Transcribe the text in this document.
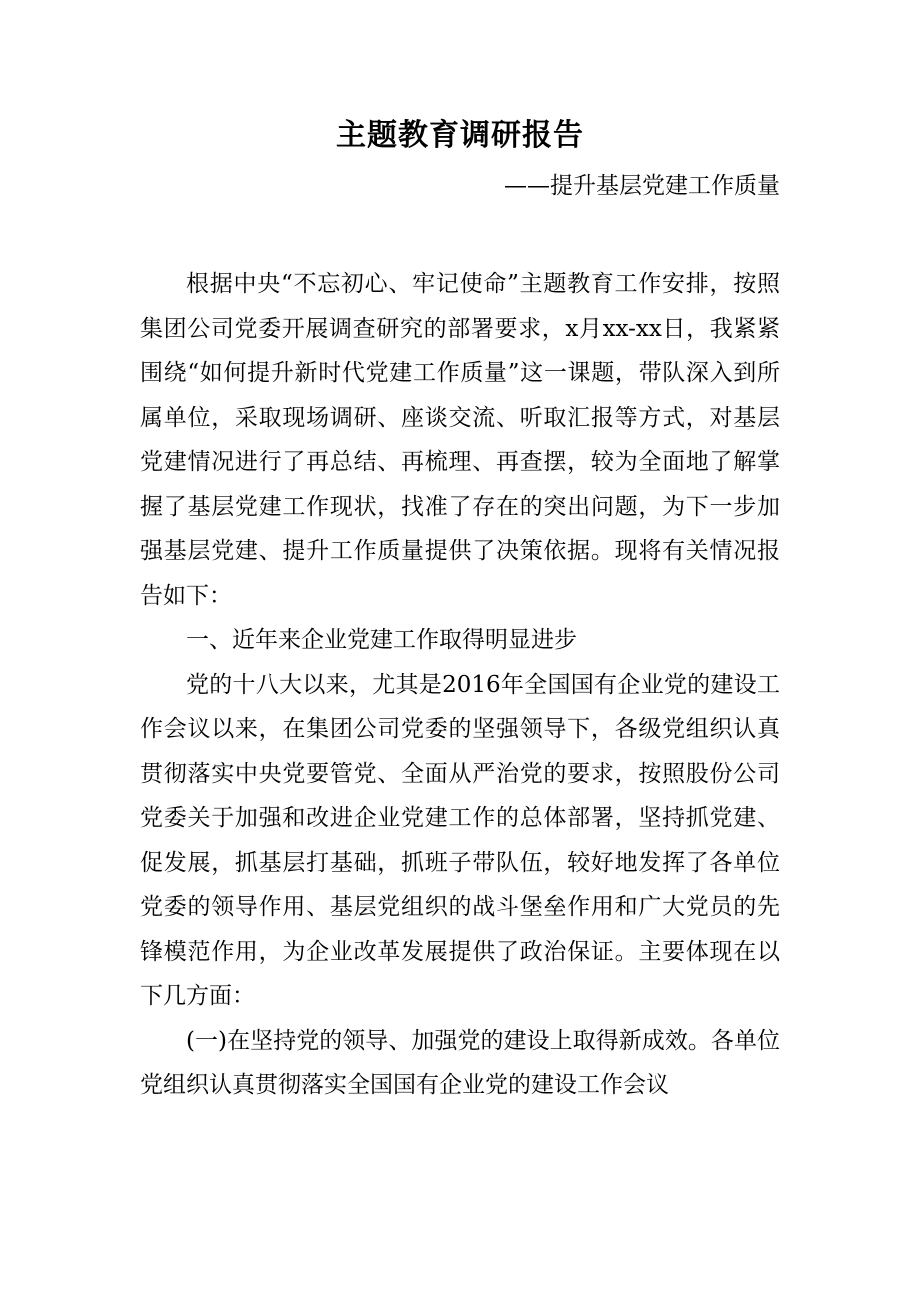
主题教育调研报告
——提升基层党建工作质量

根据中央“不忘初心、牢记使命”主题教育工作安排，按照集团公司党委开展调查研究的部署要求，x月xx-xx日，我紧紧围绕“如何提升新时代党建工作质量”这一课题，带队深入到所属单位，采取现场调研、座谈交流、听取汇报等方式，对基层党建情况进行了再总结、再梳理、再查摆，较为全面地了解掌握了基层党建工作现状，找准了存在的突出问题，为下一步加强基层党建、提升工作质量提供了决策依据。现将有关情况报告如下：

一、近年来企业党建工作取得明显进步

党的十八大以来，尤其是2016年全国国有企业党的建设工作会议以来，在集团公司党委的坚强领导下，各级党组织认真贯彻落实中央党要管党、全面从严治党的要求，按照股份公司党委关于加强和改进企业党建工作的总体部署，坚持抓党建、促发展，抓基层打基础，抓班子带队伍，较好地发挥了各单位党委的领导作用、基层党组织的战斗堡垒作用和广大党员的先锋模范作用，为企业改革发展提供了政治保证。主要体现在以下几方面：

(一)在坚持党的领导、加强党的建设上取得新成效。各单位党组织认真贯彻落实全国国有企业党的建设工作会议
